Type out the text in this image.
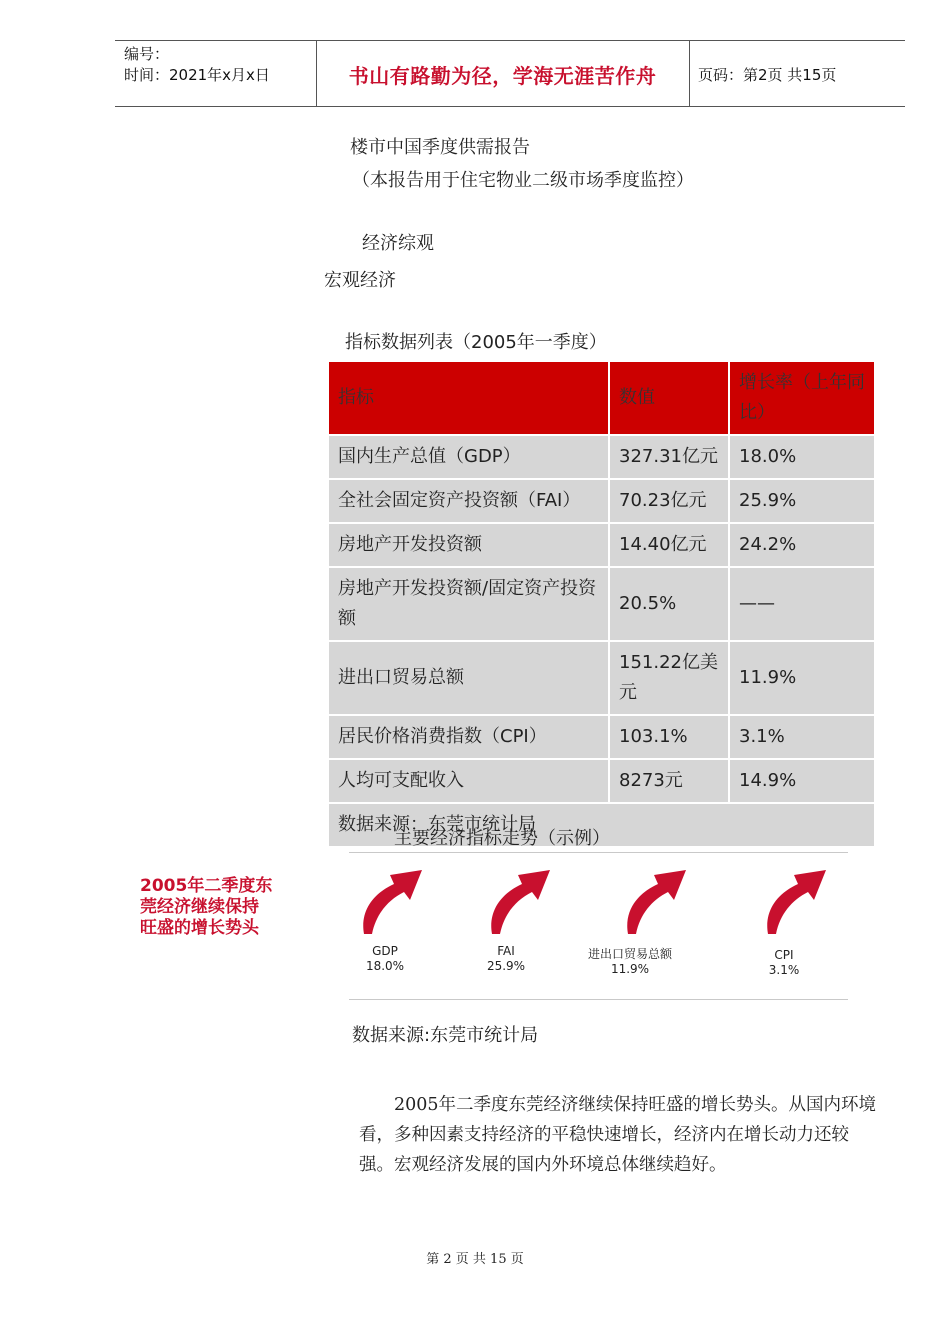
编号：
时间：2021年x月x日	书山有路勤为径，学海无涯苦作舟	页码：第2页 共15页
楼市中国季度供需报告
（本报告用于住宅物业二级市场季度监控）
经济综观
宏观经济
指标数据列表（2005年一季度）
指标	数值	增长率（上年同比）
国内生产总值（GDP）	327.31亿元	18.0%
全社会固定资产投资额（FAI）	70.23亿元	25.9%
房地产开发投资额	14.40亿元	24.2%
房地产开发投资额/固定资产投资额	20.5%	——
进出口贸易总额	151.22亿美元	11.9%
居民价格消费指数（CPI）	103.1%	3.1%
人均可支配收入	8273元	14.9%
数据来源：东莞市统计局		
主要经济指标走势（示例）
GDP
18.0%
FAI
25.9%
进出口贸易总额
11.9%
CPI
3.1%
数据来源:东莞市统计局
2005年二季度东
莞经济继续保持
旺盛的增长势头
2005年二季度东莞经济继续保持旺盛的增长势头。从国内环境看，多种因素支持经济的平稳快速增长，经济内在增长动力还较强。宏观经济发展的国内外环境总体继续趋好。
第 2 页 共 15 页
